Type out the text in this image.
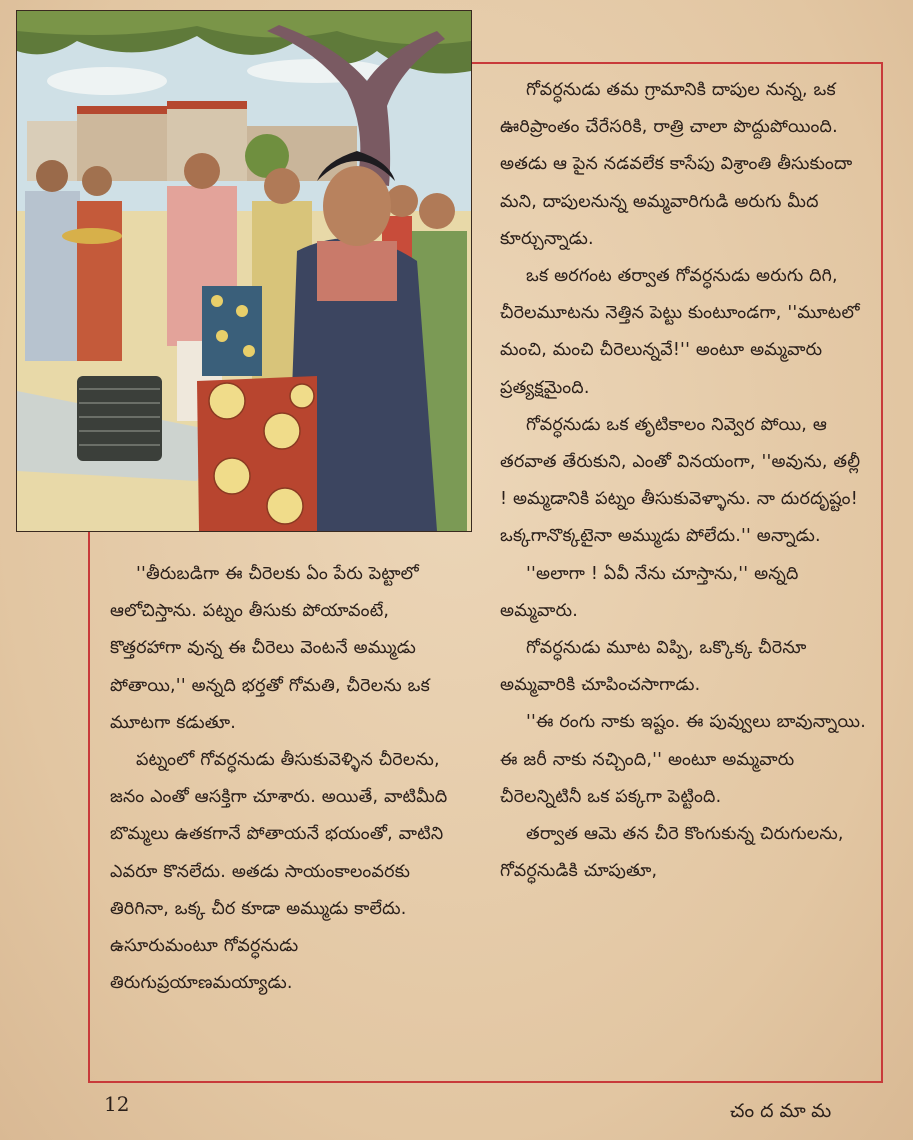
గోవర్ధనుడు తమ గ్రామానికి దాపుల నున్న, ఒక ఊరిప్రాంతం చేరేసరికి, రాత్రి చాలా పొద్దుపోయింది. అతడు ఆ పైన నడవలేక కాసేపు విశ్రాంతి తీసుకుందా మని, దాపులనున్న అమ్మవారిగుడి అరుగు మీద కూర్చున్నాడు.

ఒక అరగంట తర్వాత గోవర్ధనుడు అరుగు దిగి, చీరెలమూటను నెత్తిన పెట్టు కుంటూండగా, ''మూటలో మంచి, మంచి చీరెలున్నవే!'' అంటూ అమ్మవారు ప్రత్యక్షమైంది.

గోవర్ధనుడు ఒక తృటికాలం నివ్వెర పోయి, ఆ తరవాత తేరుకుని, ఎంతో వినయంగా, ''అవును, తల్లీ ! అమ్మడానికి పట్నం తీసుకువెళ్ళాను. నా దురదృష్టం! ఒక్కగానొక్కటైనా అమ్ముడు పోలేదు.'' అన్నాడు.

''అలాగా ! ఏవీ నేను చూస్తాను,'' అన్నది అమ్మవారు.

గోవర్ధనుడు మూట విప్పి, ఒక్కొక్క చీరెనూ అమ్మవారికి చూపించసాగాడు.

''ఈ రంగు నాకు ఇష్టం. ఈ పువ్వులు బావున్నాయి. ఈ జరీ నాకు నచ్చింది,'' అంటూ అమ్మవారు చీరెలన్నిటినీ ఒక పక్కగా పెట్టింది.

తర్వాత ఆమె తన చీరె కొంగుకున్న చిరుగులను, గోవర్ధనుడికి చూపుతూ,

''తీరుబడిగా ఈ చీరెలకు ఏం పేరు పెట్టాలో ఆలోచిస్తాను. పట్నం తీసుకు పోయావంటే, కొత్తరహాగా వున్న ఈ చీరెలు వెంటనే అమ్ముడు పోతాయి,'' అన్నది భర్తతో గోమతి, చీరెలను ఒక మూటగా కడుతూ.

పట్నంలో గోవర్ధనుడు తీసుకువెళ్ళిన చీరెలను, జనం ఎంతో ఆసక్తిగా చూశారు. అయితే, వాటిమీది బొమ్మలు ఉతకగానే పోతాయనే భయంతో, వాటిని ఎవరూ కొనలేదు. అతడు సాయంకాలంవరకు తిరిగినా, ఒక్క చీర కూడా అమ్ముడు కాలేదు. ఉసూరుమంటూ గోవర్ధనుడు తిరుగుప్రయాణమయ్యాడు.

12	చందమామ
